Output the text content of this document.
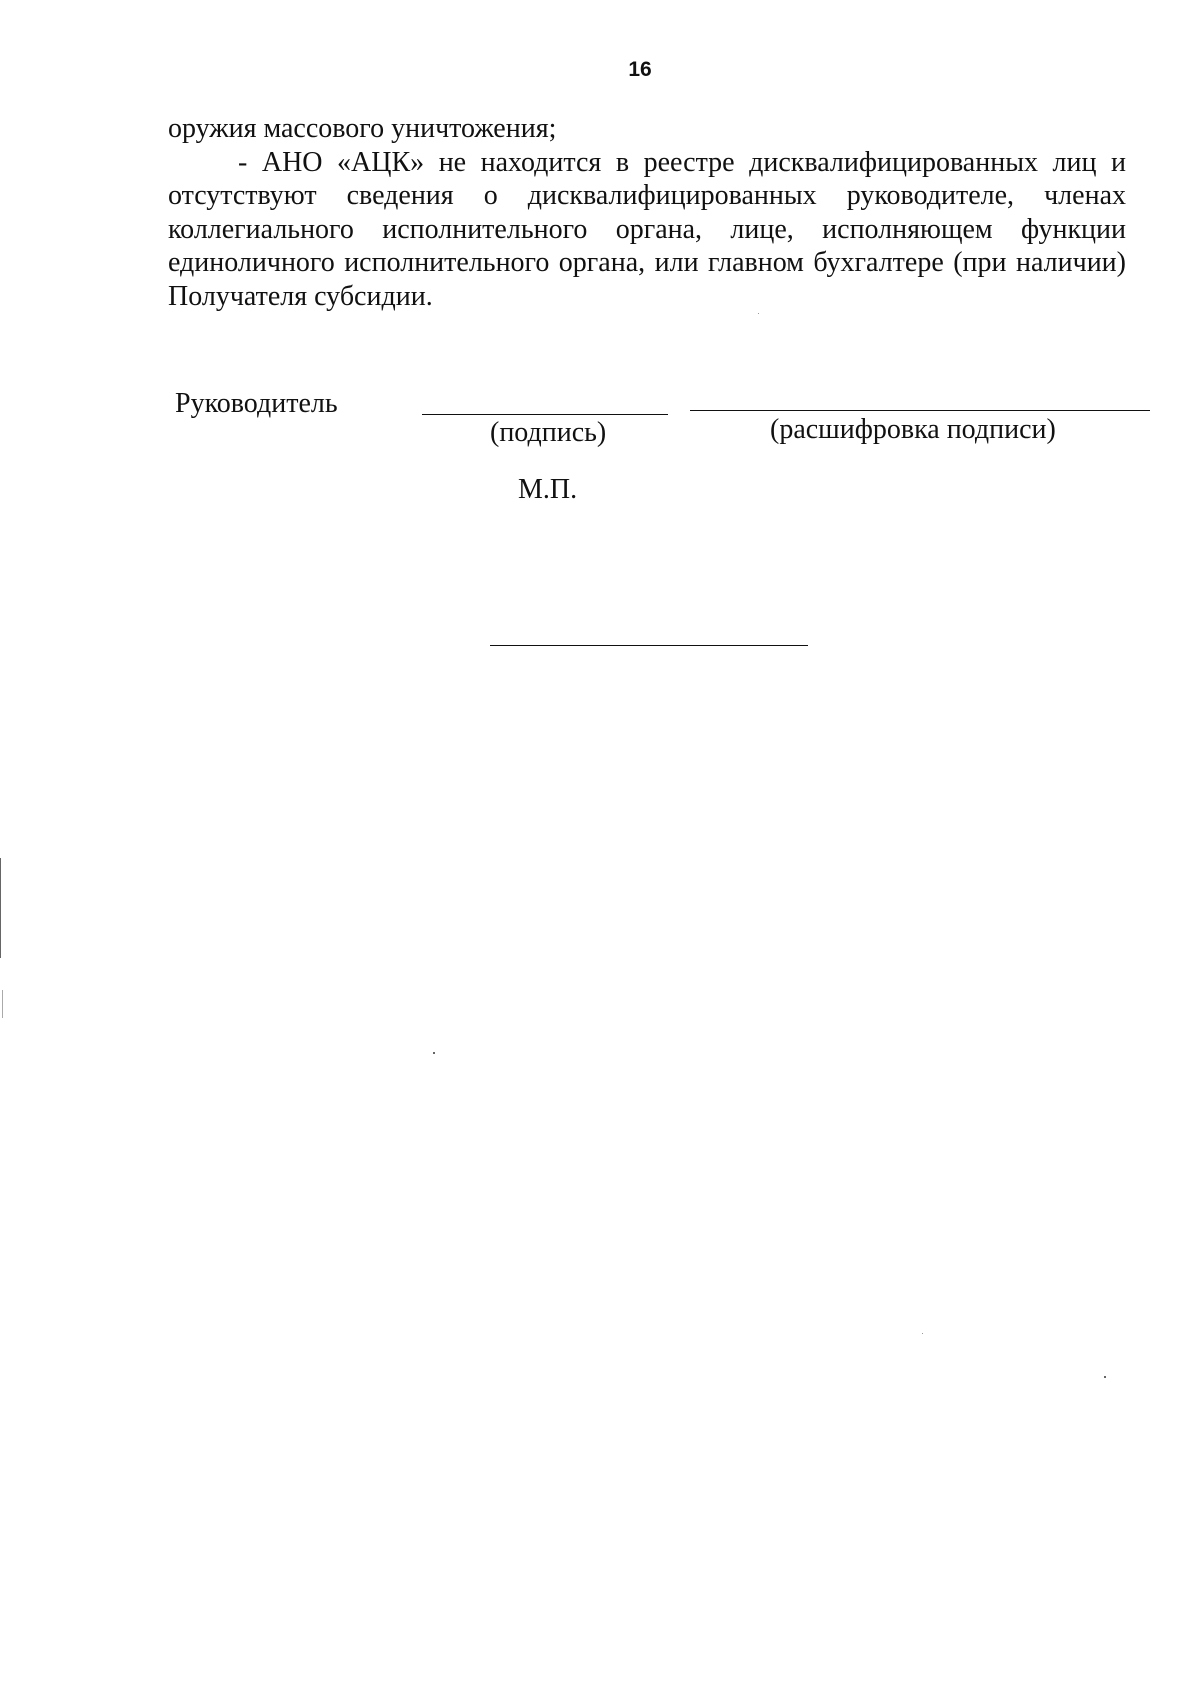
16

оружия массового уничтожения;

- АНО «АЦК» не находится в реестре дисквалифицированных лиц и отсутствуют сведения о дисквалифицированных руководителе, членах коллегиального исполнительного органа, лице, исполняющем функции единоличного исполнительного органа, или главном бухгалтере (при наличии) Получателя субсидии.

Руководитель
(подпись)	(расшифровка подписи)
М.П.
